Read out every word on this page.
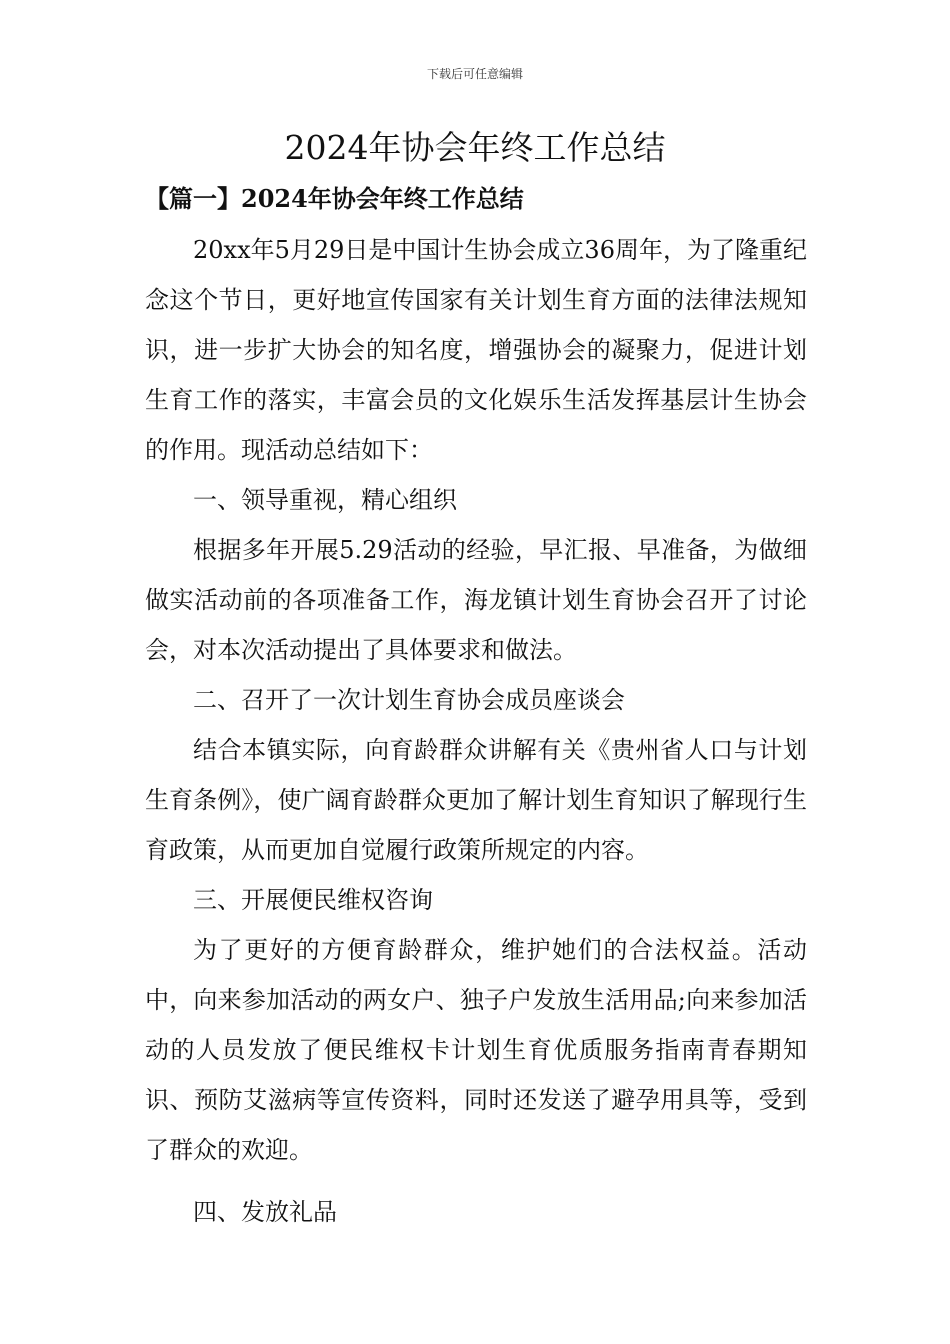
下载后可任意编辑
2024年协会年终工作总结
【篇一】2024年协会年终工作总结

20xx年5月29日是中国计生协会成立36周年，为了隆重纪念这个节日，更好地宣传国家有关计划生育方面的法律法规知识，进一步扩大协会的知名度，增强协会的凝聚力，促进计划生育工作的落实，丰富会员的文化娱乐生活发挥基层计生协会的作用。现活动总结如下：

一、领导重视，精心组织

根据多年开展5.29活动的经验，早汇报、早准备，为做细做实活动前的各项准备工作，海龙镇计划生育协会召开了讨论会，对本次活动提出了具体要求和做法。

二、召开了一次计划生育协会成员座谈会

结合本镇实际，向育龄群众讲解有关《贵州省人口与计划生育条例》，使广阔育龄群众更加了解计划生育知识了解现行生育政策，从而更加自觉履行政策所规定的内容。

三、开展便民维权咨询

为了更好的方便育龄群众，维护她们的合法权益。活动中，向来参加活动的两女户、独子户发放生活用品;向来参加活动的人员发放了便民维权卡计划生育优质服务指南青春期知识、预防艾滋病等宣传资料，同时还发送了避孕用具等，受到了群众的欢迎。

四、发放礼品
